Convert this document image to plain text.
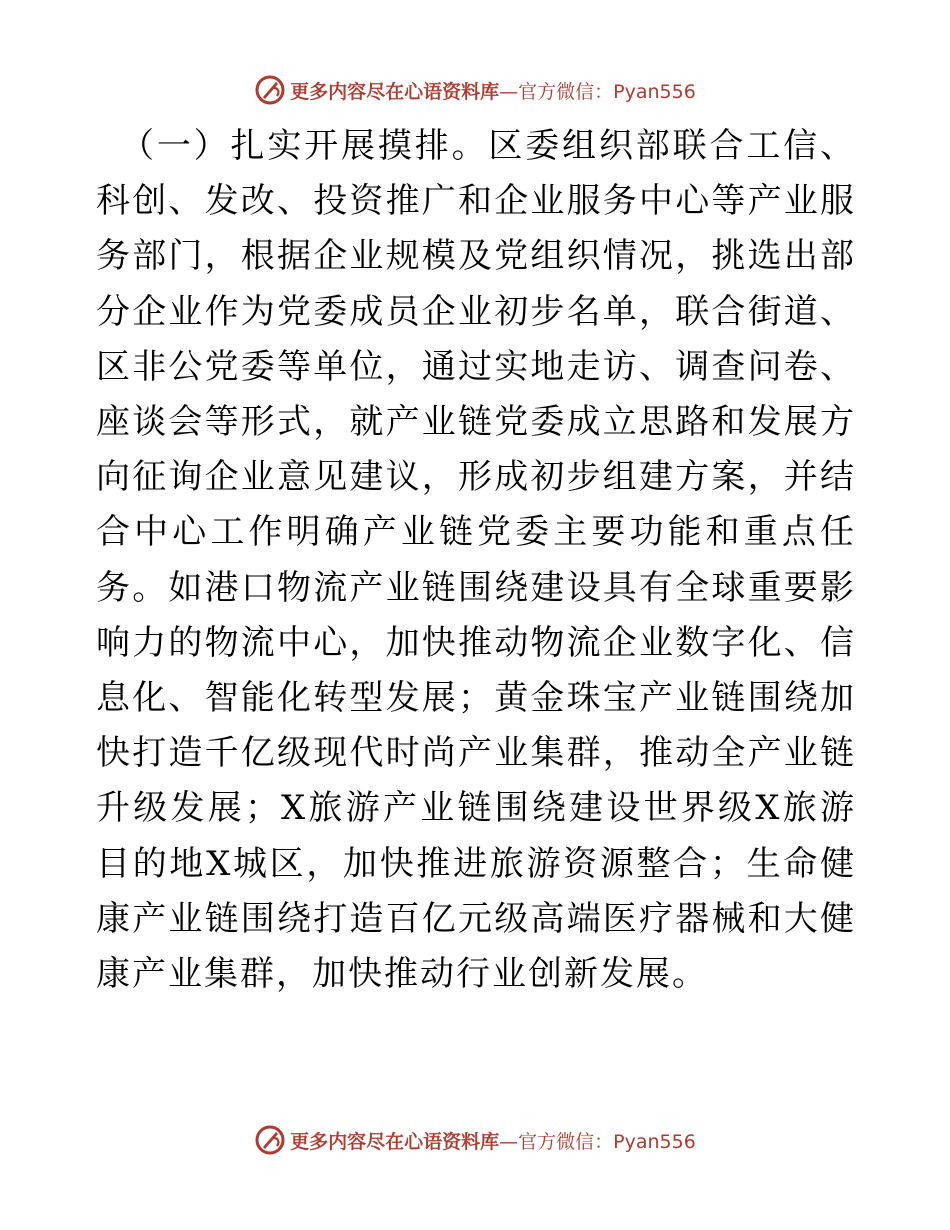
更多内容尽在心语资料库 —官方微信：Pyan556

（一）扎实开展摸排。区委组织部联合工信、科创、发改、投资推广和企业服务中心等产业服务部门，根据企业规模及党组织情况，挑选出部分企业作为党委成员企业初步名单，联合街道、区非公党委等单位，通过实地走访、调查问卷、座谈会等形式，就产业链党委成立思路和发展方向征询企业意见建议，形成初步组建方案，并结合中心工作明确产业链党委主要功能和重点任务。如港口物流产业链围绕建设具有全球重要影响力的物流中心，加快推动物流企业数字化、信息化、智能化转型发展；黄金珠宝产业链围绕加快打造千亿级现代时尚产业集群，推动全产业链升级发展；X旅游产业链围绕建设世界级X旅游目的地X城区，加快推进旅游资源整合；生命健康产业链围绕打造百亿元级高端医疗器械和大健康产业集群，加快推动行业创新发展。

更多内容尽在心语资料库 —官方微信：Pyan556
